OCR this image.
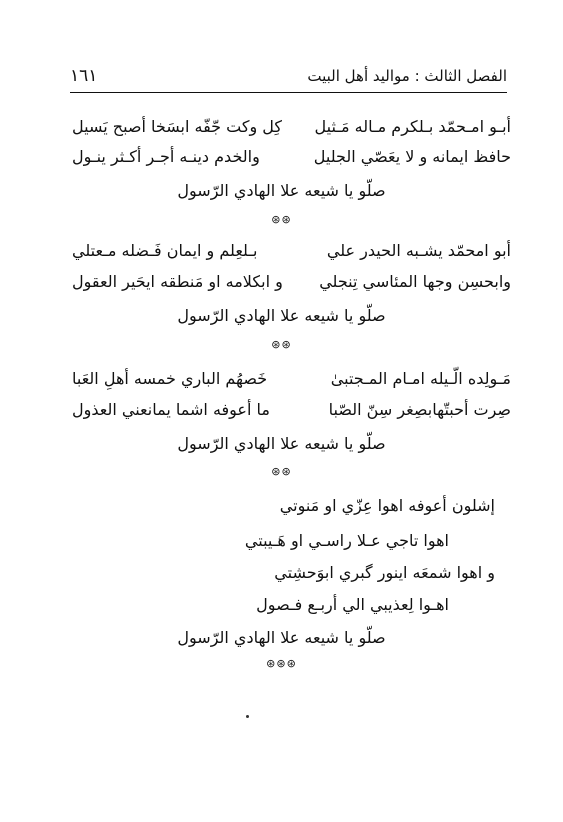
١٦١	الفصل الثالث : مواليد أهل البيت
أبـو امـحمّد بـلكرم مـاله مَـثيل
كِل وكت جّفّه ابسَخا أصبح يَسيل
حافظ ايمانه و لا يعَصّي الجليل
والخدم دينـه أجـر أكـثر ينـول
صلّو يا شيعه علا الهادي الرّسول
⊛⊛
أبو امحمّد يشـبه الحيدر علي
بـلعِلم و ايمان فَـضله مـعتلي
وابحسِن وجها المئاسي تِنجلي
و ابكلامه او مَنطقه ايحَير العقول
صلّو يا شيعه علا الهادي الرّسول
⊛⊛
مَـولِده الّـيله امـام المـجتبىٰ
خَصهُم الباري خمسه أهلِ العَبا
صِرت أحبتّهابصِغر سِنّ الصّبا
ما أعوفه اشما يمانعني العذول
صلّو يا شيعه علا الهادي الرّسول
⊛⊛
إشلون أعوفه اهوا عِزّي او مَنوتي
اهوا تاجي عـلا راسـي او هَـيبتي
و اهوا شمعَه اينور گبري ابوَحشِتي
اهـوا لِعذيبي الي أربـع فـصول
صلّو يا شيعه علا الهادي الرّسول
⊛⊛⊛
